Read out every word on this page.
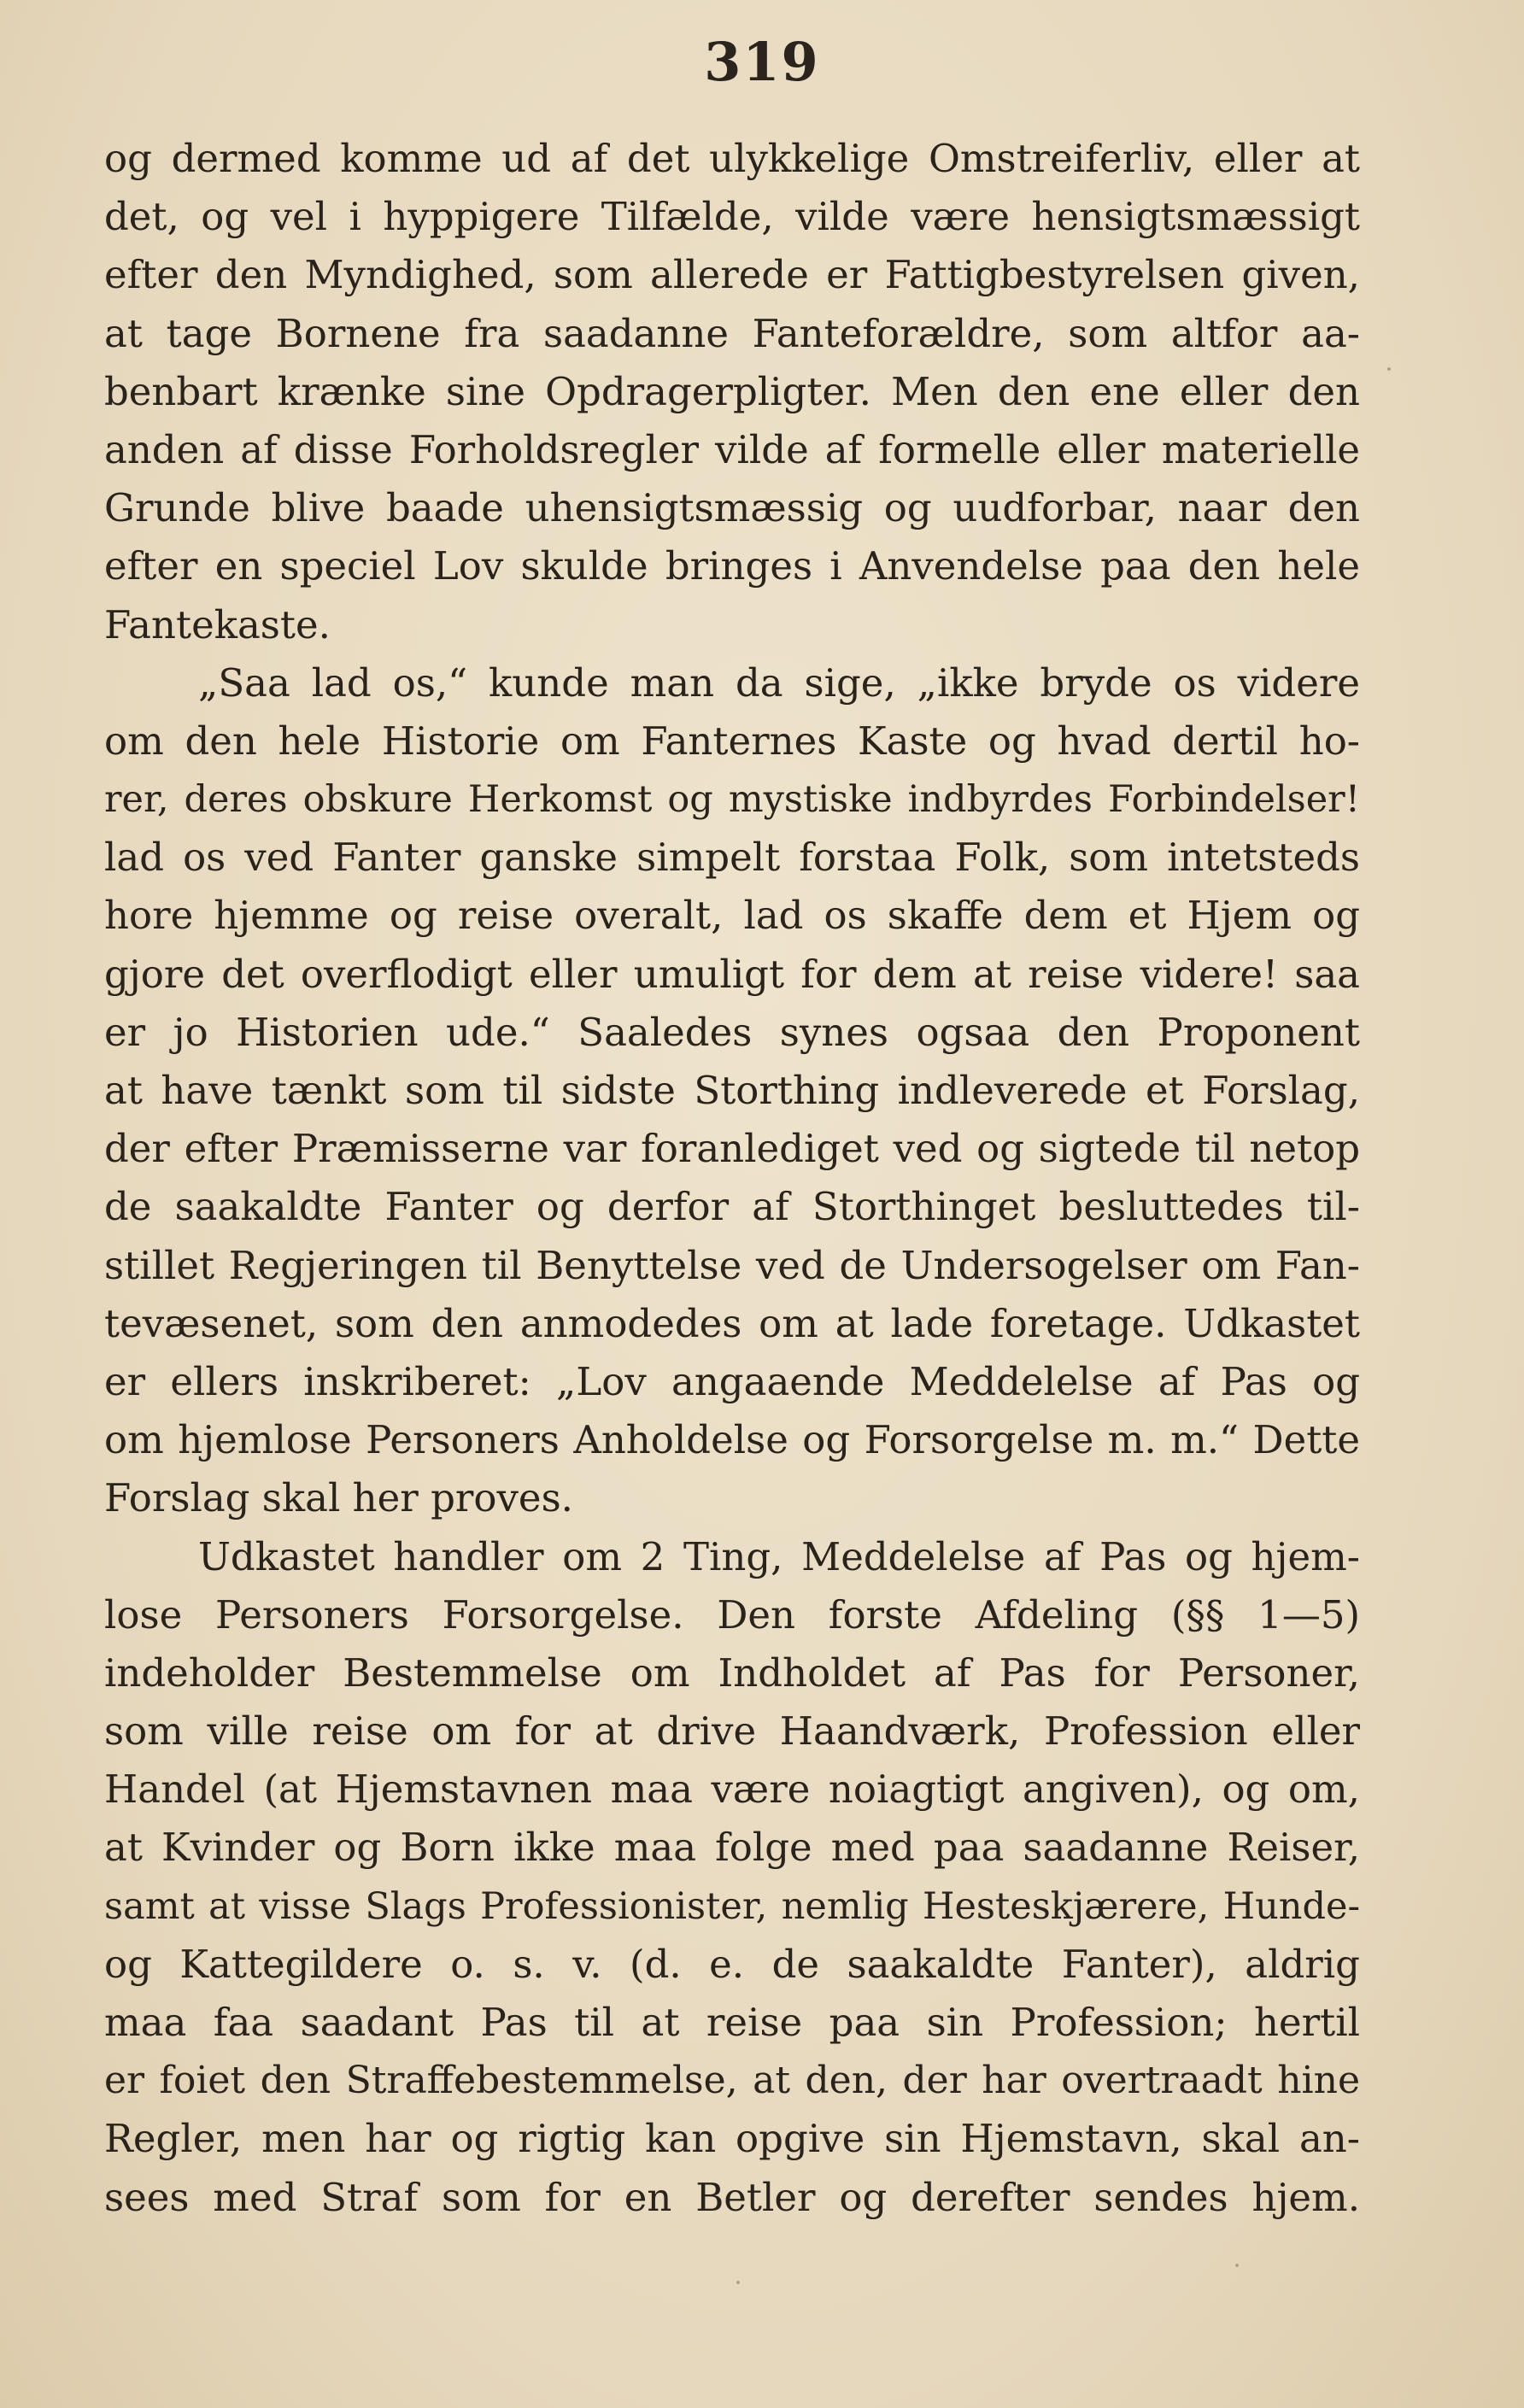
319
og dermed komme ud af det ulykkelige Omstreiferliv, eller at
det, og vel i hyppigere Tilfælde, vilde være hensigtsmæssigt
efter den Myndighed, som allerede er Fattigbestyrelsen given,
at tage Bornene fra saadanne Fanteforældre, som altfor aa-
benbart krænke sine Opdragerpligter. Men den ene eller den
anden af disse Forholdsregler vilde af formelle eller materielle
Grunde blive baade uhensigtsmæssig og uudforbar, naar den
efter en speciel Lov skulde bringes i Anvendelse paa den hele
Fantekaste.
„Saa lad os,“ kunde man da sige, „ikke bryde os videre
om den hele Historie om Fanternes Kaste og hvad dertil ho-
rer, deres obskure Herkomst og mystiske indbyrdes Forbindelser!
lad os ved Fanter ganske simpelt forstaa Folk, som intetsteds
hore hjemme og reise overalt, lad os skaffe dem et Hjem og
gjore det overflodigt eller umuligt for dem at reise videre! saa
er jo Historien ude.“ Saaledes synes ogsaa den Proponent
at have tænkt som til sidste Storthing indleverede et Forslag,
der efter Præmisserne var foranlediget ved og sigtede til netop
de saakaldte Fanter og derfor af Storthinget besluttedes til-
stillet Regjeringen til Benyttelse ved de Undersogelser om Fan-
tevæsenet, som den anmodedes om at lade foretage. Udkastet
er ellers inskriberet: „Lov angaaende Meddelelse af Pas og
om hjemlose Personers Anholdelse og Forsorgelse m. m.“ Dette
Forslag skal her proves.
Udkastet handler om 2 Ting, Meddelelse af Pas og hjem-
lose Personers Forsorgelse. Den forste Afdeling (§§ 1—5)
indeholder Bestemmelse om Indholdet af Pas for Personer,
som ville reise om for at drive Haandværk, Profession eller
Handel (at Hjemstavnen maa være noiagtigt angiven), og om,
at Kvinder og Born ikke maa folge med paa saadanne Reiser,
samt at visse Slags Professionister, nemlig Hesteskjærere, Hunde-
og Kattegildere o. s. v. (d. e. de saakaldte Fanter), aldrig
maa faa saadant Pas til at reise paa sin Profession; hertil
er foiet den Straffebestemmelse, at den, der har overtraadt hine
Regler, men har og rigtig kan opgive sin Hjemstavn, skal an-
sees med Straf som for en Betler og derefter sendes hjem.
